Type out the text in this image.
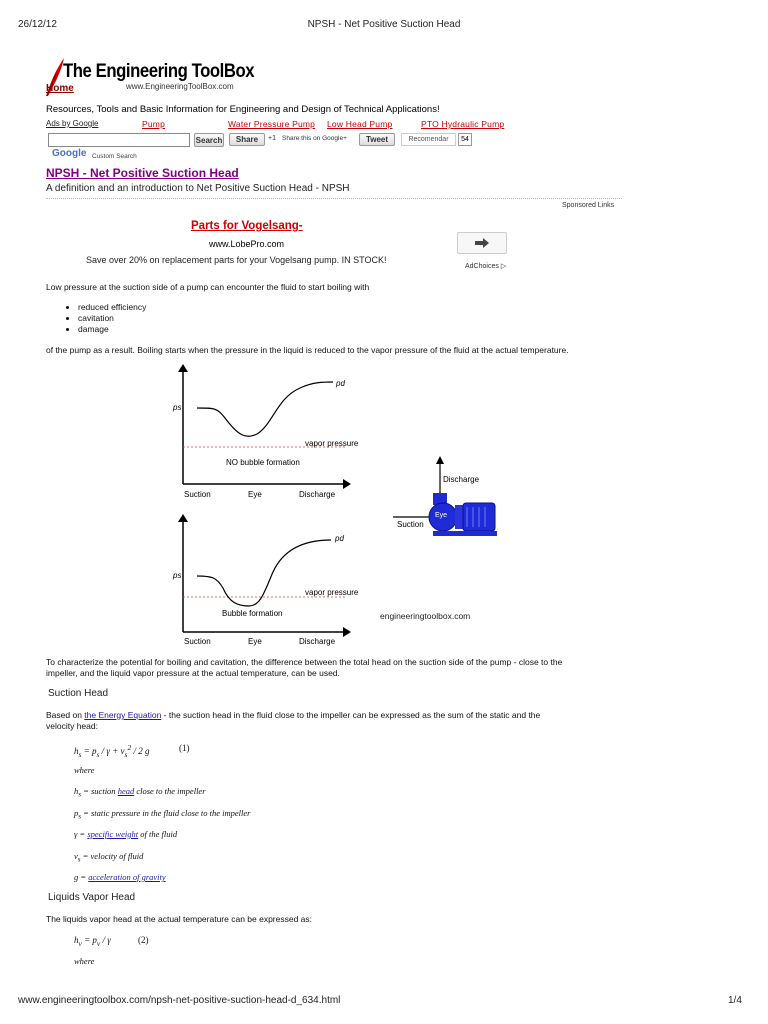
26/12/12	NPSH - Net Positive Suction Head
The Engineering ToolBox
www.EngineeringToolBox.com
Home
Resources, Tools and Basic Information for Engineering and Design of Technical Applications!
Ads by Google	Pump	Water Pressure Pump Low Head Pump	PTO Hydraulic Pump
Search
Google Custom Search
Share	+1 Share this on Google+	Tweet	Recomendar	54
NPSH - Net Positive Suction Head
A definition and an introduction to Net Positive Suction Head - NPSH
Sponsored Links
Parts for Vogelsang-
www.LobePro.com
Save over 20% on replacement parts for your Vogelsang pump. IN STOCK!
AdChoices ▷
Low pressure at the suction side of a pump can encounter the fluid to start boiling with
• reduced efficiency
• cavitation
• damage
of the pump as a result. Boiling starts when the pressure in the liquid is reduced to the vapor pressure of the fluid at the actual temperature.
ps
pd
vapor pressure
NO bubble formation
Suction	Eye	Discharge
ps
pd
vapor pressure
Bubble formation
Suction	Eye	Discharge
Discharge
Suction
Eye
engineeringtoolbox.com
To characterize the potential for boiling and cavitation, the difference between the total head on the suction side of the pump - close to the
impeller, and the liquid vapor pressure at the actual temperature, can be used.
Suction Head
Based on the Energy Equation - the suction head in the fluid close to the impeller can be expressed as the sum of the static and the
velocity head:
$h_s = p_s / \gamma + v_s^2 / 2$ g	(1)
where
$h_s$ = suction head close to the impeller
$p_s$ = static pressure in the fluid close to the impeller
γ = specific weight of the fluid
$v_s$ = velocity of fluid
g = acceleration of gravity
Liquids Vapor Head
The liquids vapor head at the actual temperature can be expressed as:
$h_v = p_v / \gamma$	(2)
where
www.engineeringtoolbox.com/npsh-net-positive-suction-head-d_634.html	1/4
